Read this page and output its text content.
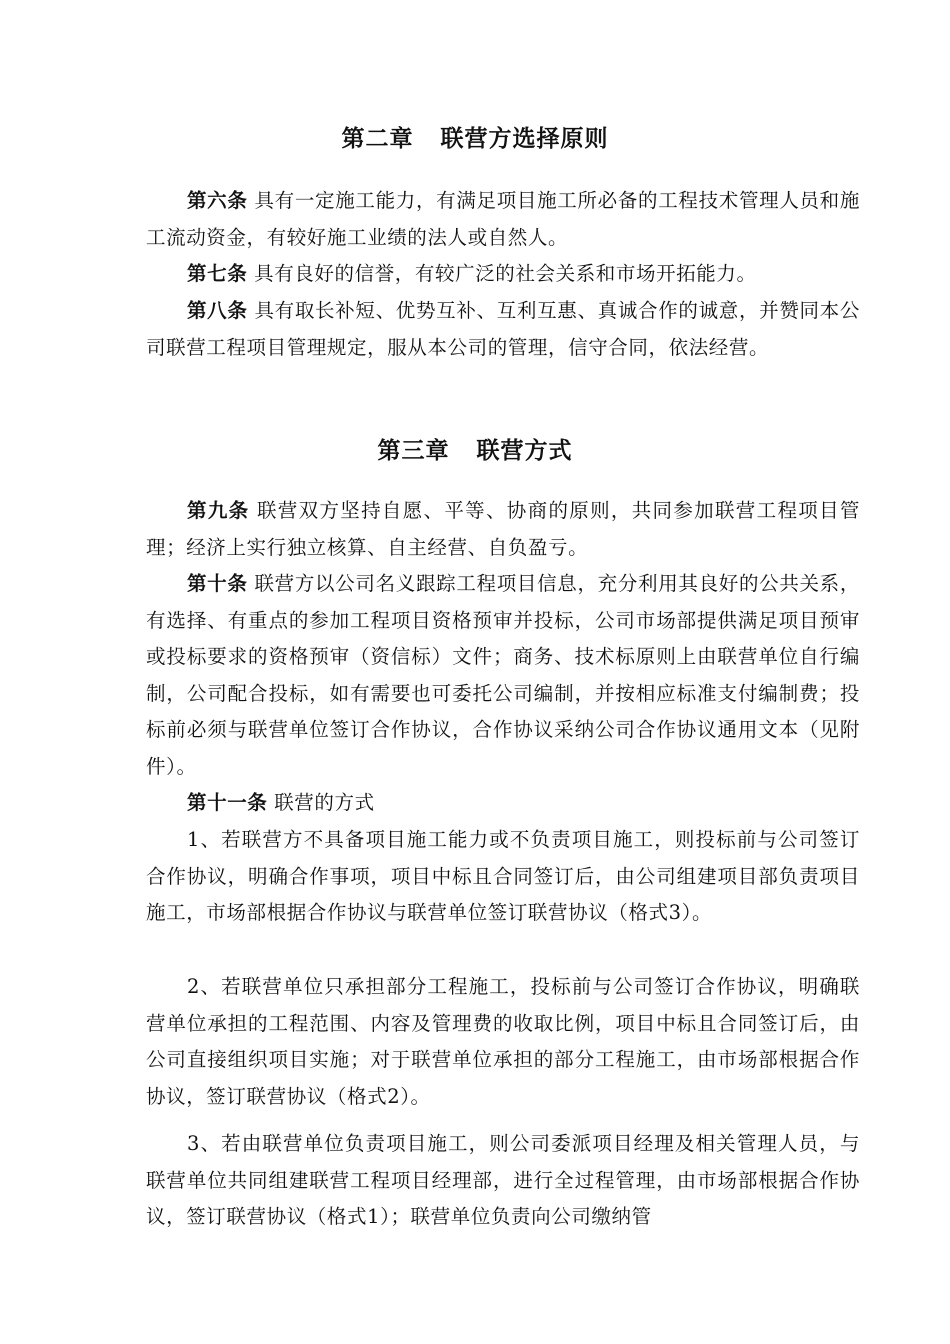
第二章   联营方选择原则

第六条 具有一定施工能力，有满足项目施工所必备的工程技术管理人员和施工流动资金，有较好施工业绩的法人或自然人。

第七条 具有良好的信誉，有较广泛的社会关系和市场开拓能力。

第八条 具有取长补短、优势互补、互利互惠、真诚合作的诚意，并赞同本公司联营工程项目管理规定，服从本公司的管理，信守合同，依法经营。

第三章   联营方式

第九条 联营双方坚持自愿、平等、协商的原则，共同参加联营工程项目管理；经济上实行独立核算、自主经营、自负盈亏。

第十条 联营方以公司名义跟踪工程项目信息，充分利用其良好的公共关系，有选择、有重点的参加工程项目资格预审并投标，公司市场部提供满足项目预审或投标要求的资格预审（资信标）文件；商务、技术标原则上由联营单位自行编制，公司配合投标，如有需要也可委托公司编制，并按相应标准支付编制费；投标前必须与联营单位签订合作协议，合作协议采纳公司合作协议通用文本（见附件）。

第十一条 联营的方式

1、若联营方不具备项目施工能力或不负责项目施工，则投标前与公司签订合作协议，明确合作事项，项目中标且合同签订后，由公司组建项目部负责项目施工，市场部根据合作协议与联营单位签订联营协议（格式3）。

2、若联营单位只承担部分工程施工，投标前与公司签订合作协议，明确联营单位承担的工程范围、内容及管理费的收取比例，项目中标且合同签订后，由公司直接组织项目实施；对于联营单位承担的部分工程施工，由市场部根据合作协议，签订联营协议（格式2）。

3、若由联营单位负责项目施工，则公司委派项目经理及相关管理人员，与联营单位共同组建联营工程项目经理部，进行全过程管理，由市场部根据合作协议，签订联营协议（格式1）；联营单位负责向公司缴纳管
